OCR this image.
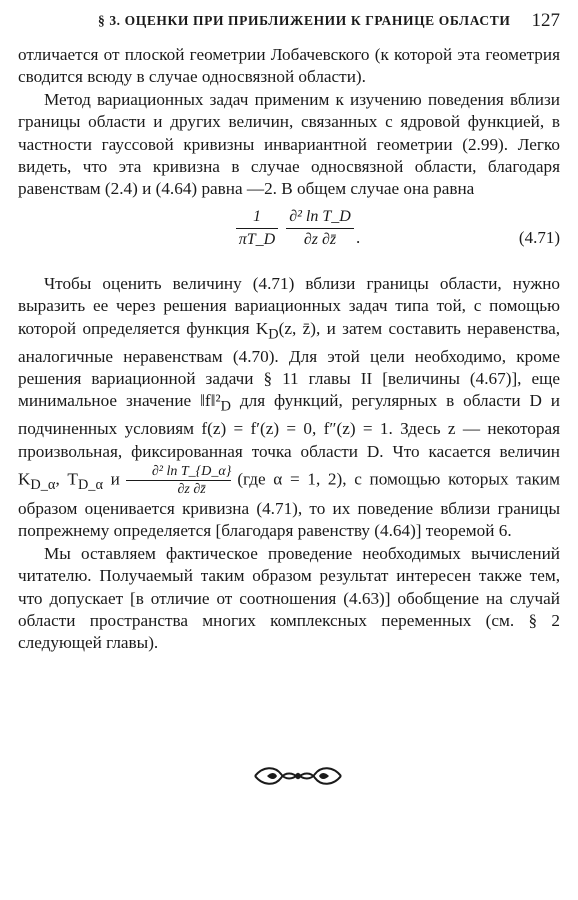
§ 3. ОЦЕНКИ ПРИ ПРИБЛИЖЕНИИ К ГРАНИЦЕ ОБЛАСТИ 127

отличается от плоской геометрии Лобачевского (к которой эта геометрия сводится всюду в случае односвязной области).

Метод вариационных задач применим к изучению поведения вблизи границы области и других величин, связанных с ядровой функцией, в частности гауссовой кривизны инвариантной геометрии (2.99). Легко видеть, что эта кривизна в случае односвязной области, благодаря равенствам (2.4) и (4.64) равна —2. В общем случае она равна

1
πT_D
∂² ln T_D
∂z ∂z̄	.	(4.71)

Чтобы оценить величину (4.71) вблизи границы области, нужно выразить ее через решения вариационных задач типа той, с помощью которой определяется функция $K_D(z$, z̄), и затем составить неравенства, аналогичные неравенствам (4.70). Для этой цели необходимо, кроме решения вариационной задачи § 11 главы II [величины (4.67)], еще минимальное значение $‖f‖^2_D$ для функций, регулярных в области D и подчиненных условиям f(z) = f′(z) = 0, f″(z) = 1. Здесь z — некоторая произвольная, фиксированная точка области D. Что касается величин $K_{D\_\alpha}$, $T_{D\_\alpha}$ и $\frac{\text{∂² ln T\_\{D\_α\}}}{\partial z \partial z̄} (где$ α = 1, 2), с помощью которых таким образом оценивается кривизна (4.71), то их поведение вблизи границы попрежнему определяется [благодаря равенству (4.64)] теоремой 6.

Мы оставляем фактическое проведение необходимых вычислений читателю. Получаемый таким образом результат интересен также тем, что допускает [в отличие от соотношения (4.63)] обобщение на случай области пространства многих комплексных переменных (см. § 2 следующей главы).
